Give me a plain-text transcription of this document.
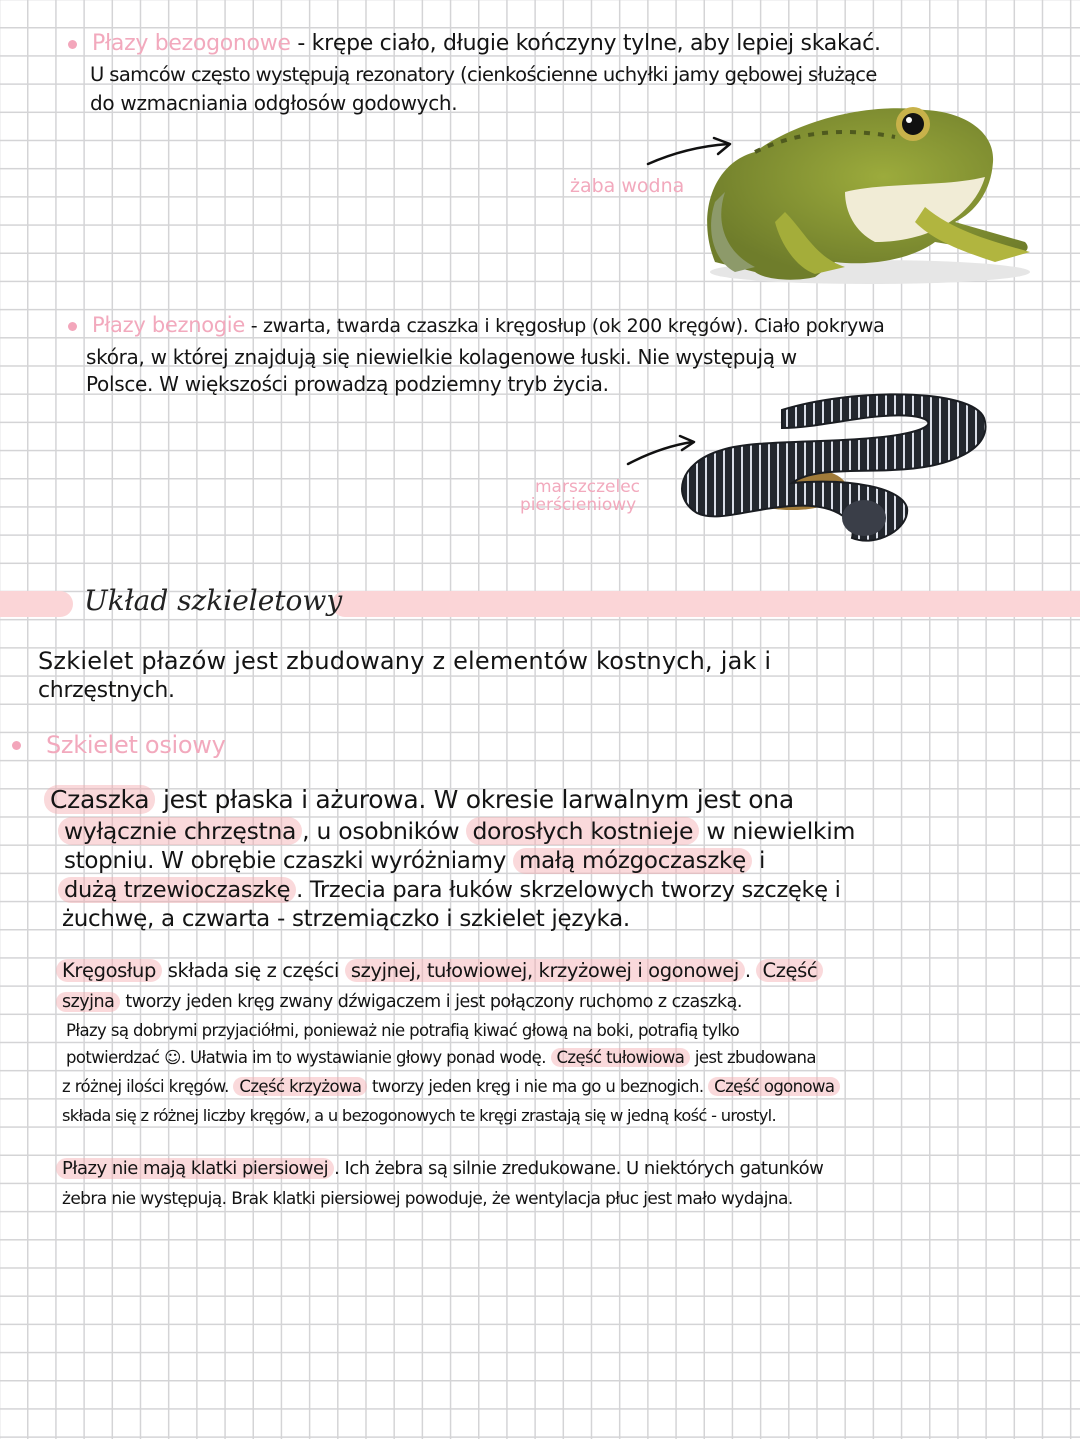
Płazy bezogonowe - krępe ciało, długie kończyny tylne, aby lepiej skakać.
U samców często występują rezonatory (cienkościenne uchyłki jamy gębowej służące
do wzmacniania odgłosów godowych.
żaba wodna
Płazy beznogie - zwarta, twarda czaszka i kręgosłup (ok 200 kręgów). Ciało pokrywa
skóra, w której znajdują się niewielkie kolagenowe łuski. Nie występują w
Polsce. W większości prowadzą podziemny tryb życia.
marszczelec
pierścieniowy
Układ szkieletowy
Szkielet płazów jest zbudowany z elementów kostnych, jak i
chrzęstnych.
Szkielet osiowy
Czaszka jest płaska i ażurowa. W okresie larwalnym jest ona
wyłącznie chrzęstna , u osobników dorosłych kostnieje w niewielkim
stopniu. W obrębie czaszki wyróżniamy małą mózgoczaszkę i
dużą trzewioczaszkę . Trzecia para łuków skrzelowych tworzy szczękę i
żuchwę, a czwarta - strzemiączko i szkielet języka.
Kręgosłup składa się z części szyjnej, tułowiowej, krzyżowej i ogonowej . Część
szyjna tworzy jeden kręg zwany dźwigaczem i jest połączony ruchomo z czaszką.
Płazy są dobrymi przyjaciółmi, ponieważ nie potrafią kiwać głową na boki, potrafią tylko
potwierdzać ☺. Ułatwia im to wystawianie głowy ponad wodę. Część tułowiowa jest zbudowana
z różnej ilości kręgów. Część krzyżowa tworzy jeden kręg i nie ma go u beznogich. Część ogonowa
składa się z różnej liczby kręgów, a u bezogonowych te kręgi zrastają się w jedną kość - urostyl.
Płazy nie mają klatki piersiowej . Ich żebra są silnie zredukowane. U niektórych gatunków
żebra nie występują. Brak klatki piersiowej powoduje, że wentylacja płuc jest mało wydajna.
